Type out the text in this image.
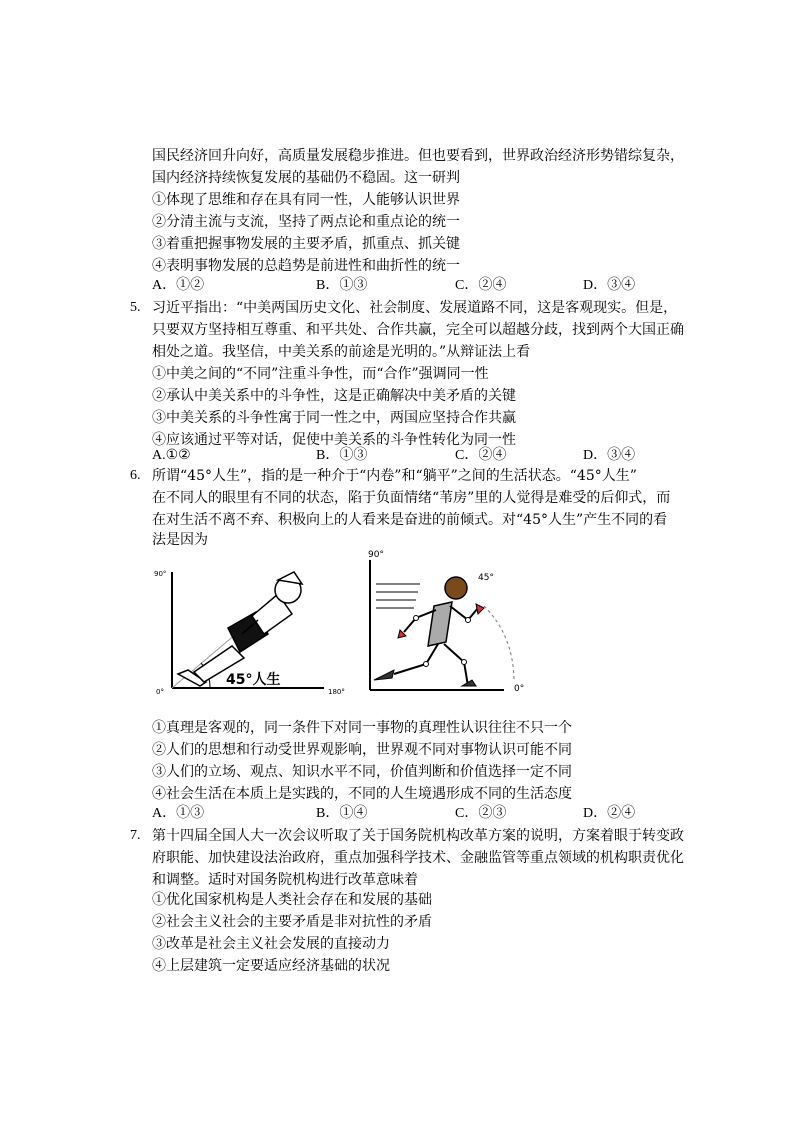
国民经济回升向好，高质量发展稳步推进。但也要看到，世界政治经济形势错综复杂，
国内经济持续恢复发展的基础仍不稳固。这一研判
①体现了思维和存在具有同一性，人能够认识世界
②分清主流与支流，坚持了两点论和重点论的统一
③着重把握事物发展的主要矛盾，抓重点、抓关键
④表明事物发展的总趋势是前进性和曲折性的统一
A．①②	B．①③	C．②④	D．③④
5. 习近平指出：“中美两国历史文化、社会制度、发展道路不同，这是客观现实。但是，
只要双方坚持相互尊重、和平共处、合作共赢，完全可以超越分歧，找到两个大国正确
相处之道。我坚信，中美关系的前途是光明的。”从辩证法上看
①中美之间的“不同”注重斗争性，而“合作”强调同一性
②承认中美关系中的斗争性，这是正确解决中美矛盾的关键
③中美关系的斗争性寓于同一性之中，两国应坚持合作共赢
④应该通过平等对话，促使中美关系的斗争性转化为同一性
A.①②	B．①③	C．②④	D．③④
6. 所谓“45°人生”，指的是一种介于“内卷”和“躺平”之间的生活状态。“45°人生”
在不同人的眼里有不同的状态，陷于负面情绪“苇房”里的人觉得是难受的后仰式，而
在对生活不离不弃、积极向上的人看来是奋进的前倾式。对“45°人生”产生不同的看
法是因为
90°
0°	180°
45°人生
90°
45°
0°
①真理是客观的，同一条件下对同一事物的真理性认识往往不只一个
②人们的思想和行动受世界观影响，世界观不同对事物认识可能不同
③人们的立场、观点、知识水平不同，价值判断和价值选择一定不同
④社会生活在本质上是实践的，不同的人生境遇形成不同的生活态度
A．①③	B．①④	C．②③	D．②④
7. 第十四届全国人大一次会议听取了关于国务院机构改革方案的说明，方案着眼于转变政
府职能、加快建设法治政府，重点加强科学技术、金融监管等重点领域的机构职责优化
和调整。适时对国务院机构进行改革意味着
①优化国家机构是人类社会存在和发展的基础
②社会主义社会的主要矛盾是非对抗性的矛盾
③改革是社会主义社会发展的直接动力
④上层建筑一定要适应经济基础的状况
